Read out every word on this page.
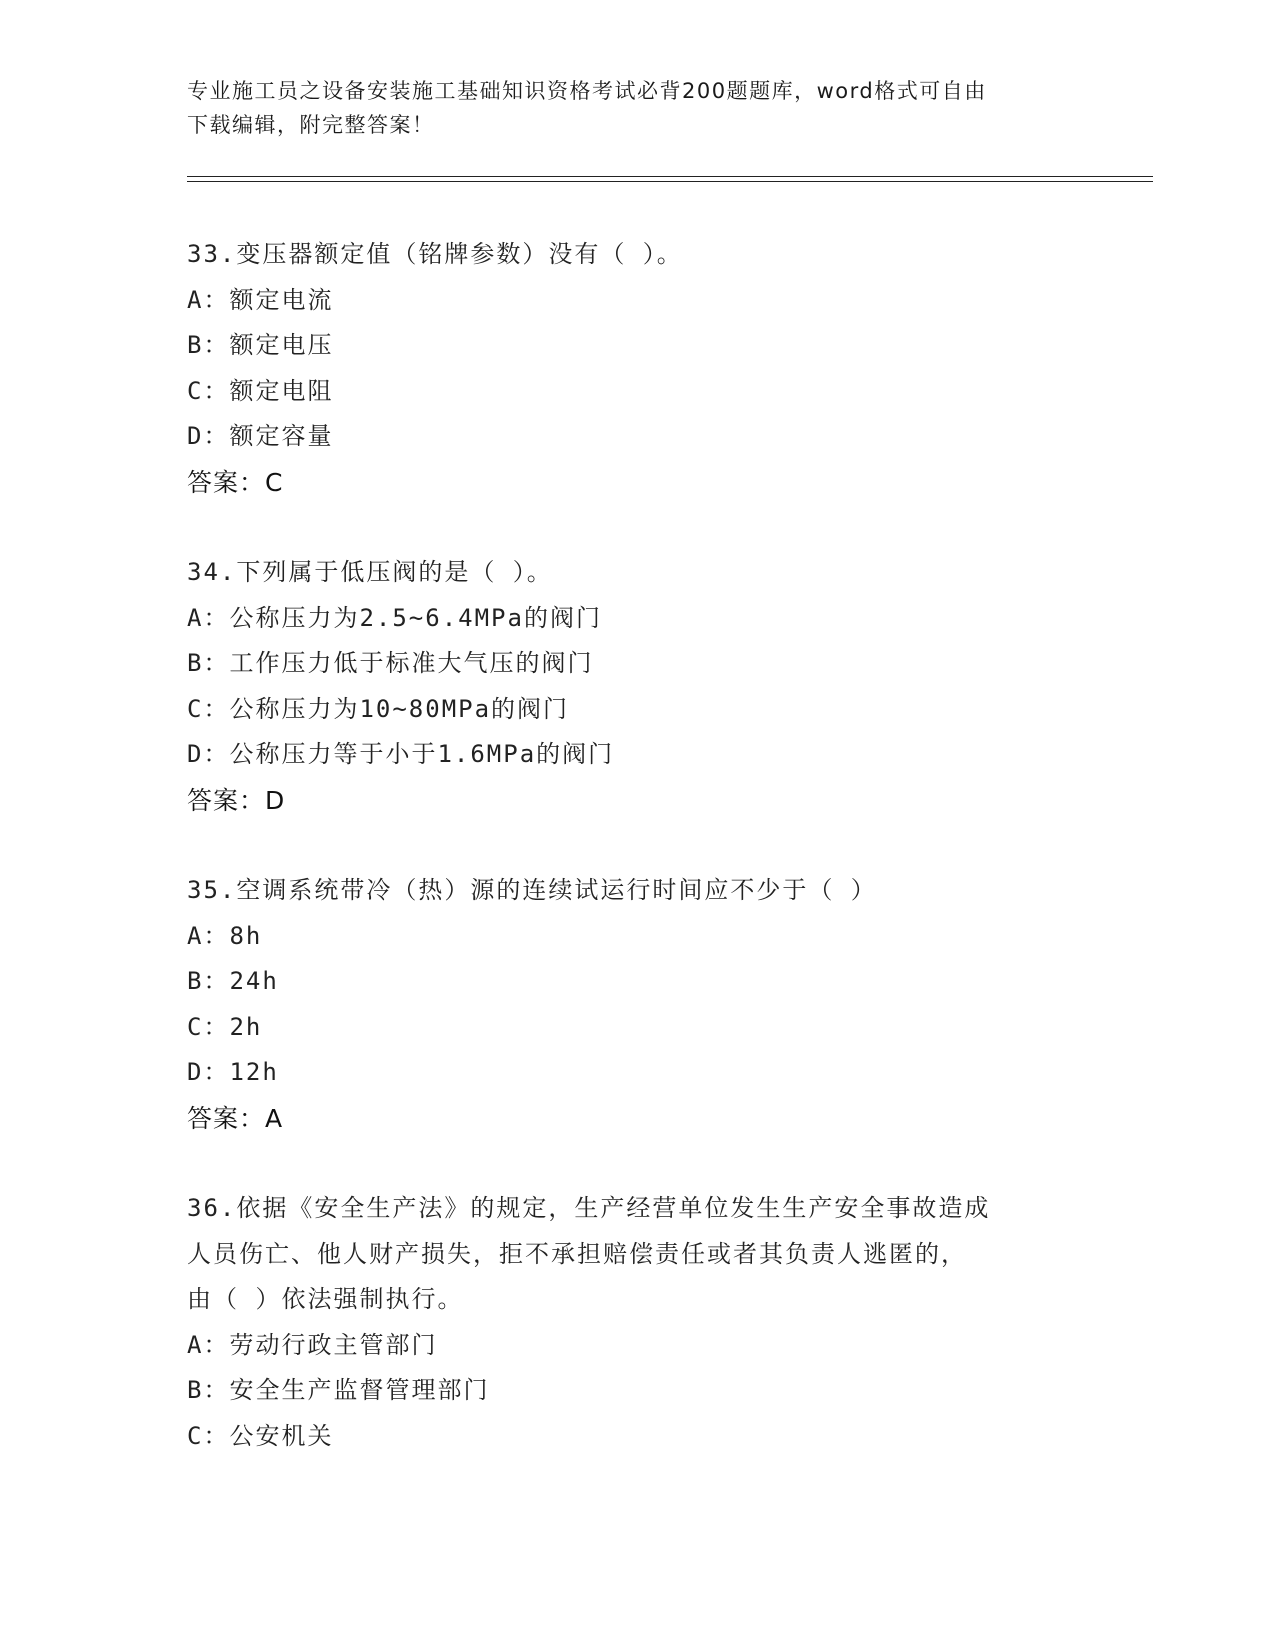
专业施工员之设备安装施工基础知识资格考试必背200题题库，word格式可自由
下载编辑，附完整答案！
33.变压器额定值（铭牌参数）没有（ ）。
A：额定电流
B：额定电压
C：额定电阻
D：额定容量
答案：C
34.下列属于低压阀的是（ ）。
A：公称压力为2.5~6.4MPa的阀门
B：工作压力低于标准大气压的阀门
C：公称压力为10~80MPa的阀门
D：公称压力等于小于1.6MPa的阀门
答案：D
35.空调系统带冷（热）源的连续试运行时间应不少于（ ）
A：8h
B：24h
C：2h
D：12h
答案：A
36.依据《安全生产法》的规定，生产经营单位发生生产安全事故造成
人员伤亡、他人财产损失，拒不承担赔偿责任或者其负责人逃匿的，
由（ ）依法强制执行。
A：劳动行政主管部门
B：安全生产监督管理部门
C：公安机关
